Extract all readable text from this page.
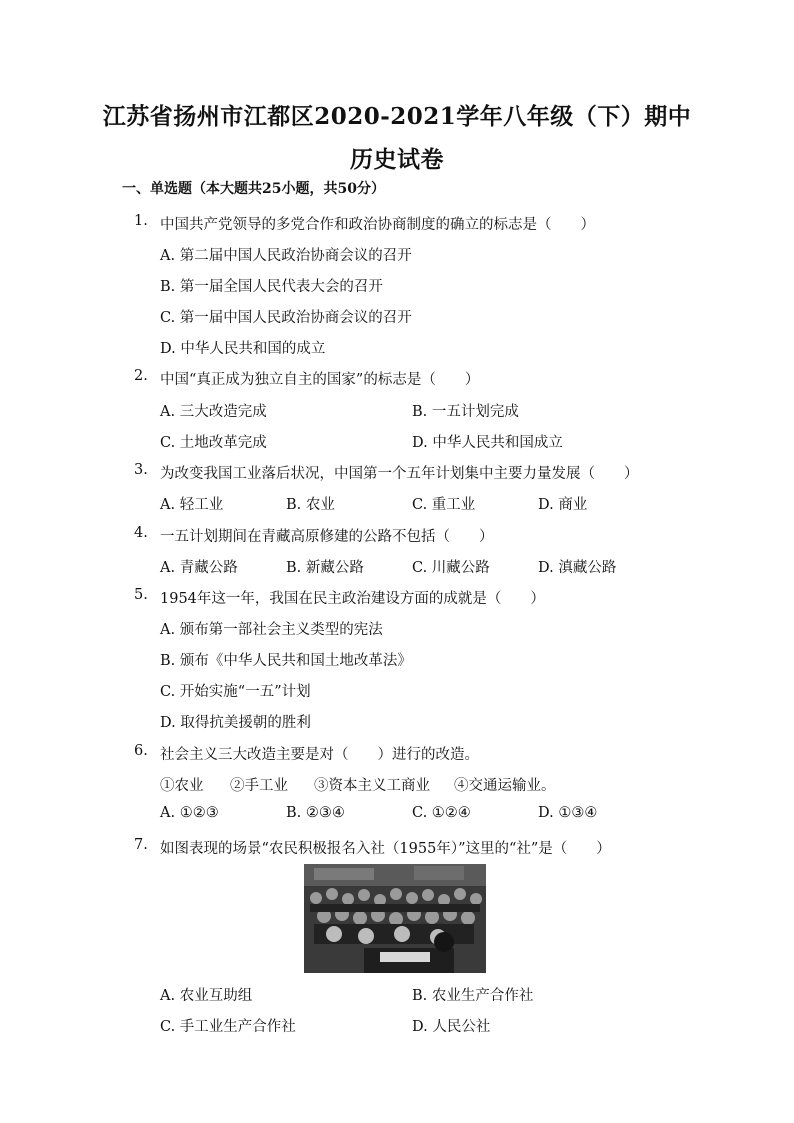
江苏省扬州市江都区2020-2021学年八年级（下）期中
历史试卷
一、单选题（本大题共25小题，共50分）
1. 中国共产党领导的多党合作和政治协商制度的确立的标志是（　　）
A. 第二届中国人民政治协商会议的召开
B. 第一届全国人民代表大会的召开
C. 第一届中国人民政治协商会议的召开
D. 中华人民共和国的成立
2. 中国“真正成为独立自主的国家”的标志是（　　）
A. 三大改造完成	B. 一五计划完成
C. 土地改革完成	D. 中华人民共和国成立
3. 为改变我国工业落后状况，中国第一个五年计划集中主要力量发展（　　）
A. 轻工业	B. 农业	C. 重工业	D. 商业
4. 一五计划期间在青藏高原修建的公路不包括（　　）
A. 青藏公路	B. 新藏公路	C. 川藏公路	D. 滇藏公路
5. 1954年这一年，我国在民主政治建设方面的成就是（　　）
A. 颁布第一部社会主义类型的宪法
B. 颁布《中华人民共和国土地改革法》
C. 开始实施“一五”计划
D. 取得抗美援朝的胜利
6. 社会主义三大改造主要是对（　　）进行的改造。
①农业 ②手工业 ③资本主义工商业 ④交通运输业。
A. ①②③	B. ②③④	C. ①②④	D. ①③④
7. 如图表现的场景“农民积极报名入社（1955年）”这里的“社”是（　　）
A. 农业互助组	B. 农业生产合作社
C. 手工业生产合作社	D. 人民公社
